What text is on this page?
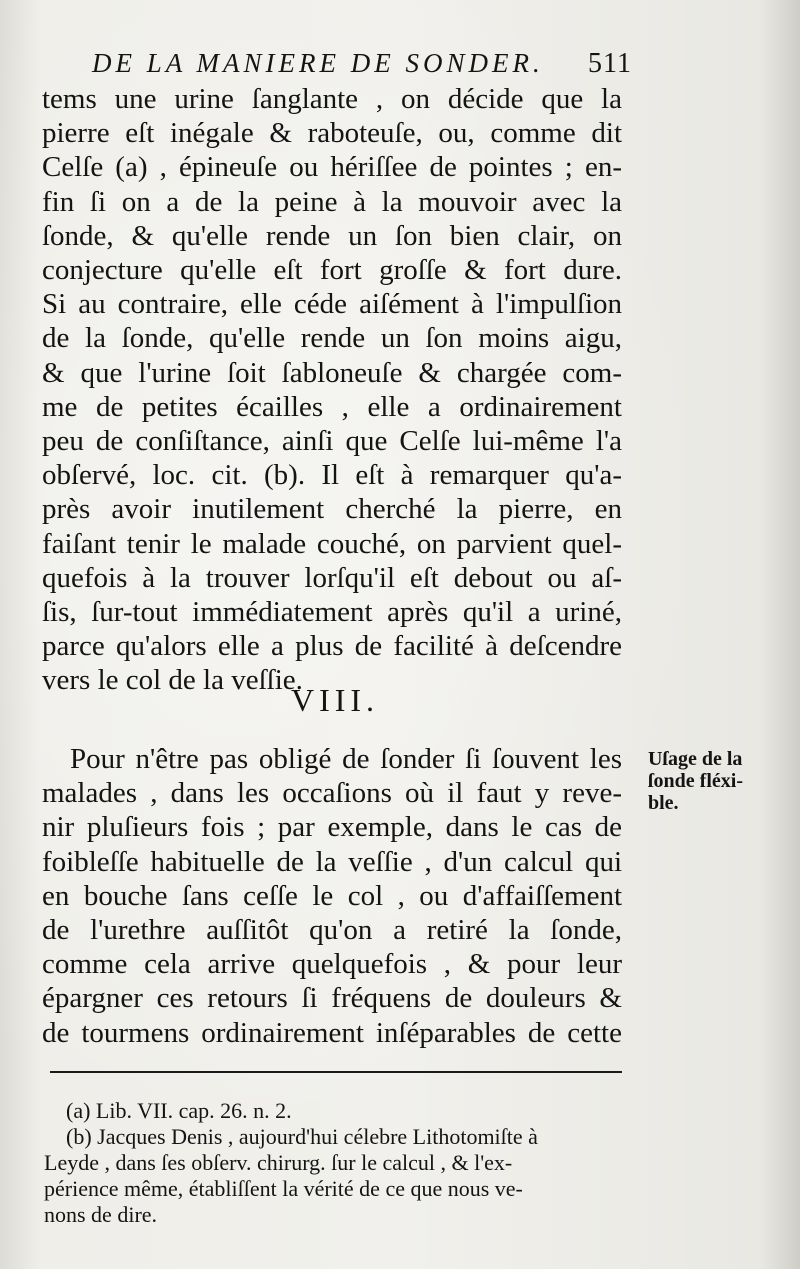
DE LA MANIERE DE SONDER. 511
tems une urine ſanglante , on décide que la
pierre eſt inégale & raboteuſe, ou, comme dit
Celſe (a) , épineuſe ou hériſſee de pointes ; en-
fin ſi on a de la peine à la mouvoir avec la
ſonde, & qu'elle rende un ſon bien clair, on
conjecture qu'elle eſt fort groſſe & fort dure.
Si au contraire, elle céde aiſément à l'impulſion
de la ſonde, qu'elle rende un ſon moins aigu,
& que l'urine ſoit ſabloneuſe & chargée com-
me de petites écailles , elle a ordinairement
peu de conſiſtance, ainſi que Celſe lui-même l'a
obſervé, loc. cit. (b). Il eſt à remarquer qu'a-
près avoir inutilement cherché la pierre, en
faiſant tenir le malade couché, on parvient quel-
quefois à la trouver lorſqu'il eſt debout ou aſ-
ſis, ſur-tout immédiatement après qu'il a uriné,
parce qu'alors elle a plus de facilité à deſcendre
vers le col de la veſſie.
VIII.
Pour n'être pas obligé de ſonder ſi ſouvent les
malades , dans les occaſions où il faut y reve-
nir pluſieurs fois ; par exemple, dans le cas de
foibleſſe habituelle de la veſſie , d'un calcul qui
en bouche ſans ceſſe le col , ou d'affaiſſement
de l'urethre auſſitôt qu'on a retiré la ſonde,
comme cela arrive quelquefois , & pour leur
épargner ces retours ſi fréquens de douleurs &
de tourmens ordinairement inſéparables de cette
Uſage de la
ſonde fléxi-
ble.
(a) Lib. VII. cap. 26. n. 2.
(b) Jacques Denis , aujourd'hui célebre Lithotomiſte à
Leyde , dans ſes obſerv. chirurg. ſur le calcul , & l'ex-
périence même, établiſſent la vérité de ce que nous ve-
nons de dire.
